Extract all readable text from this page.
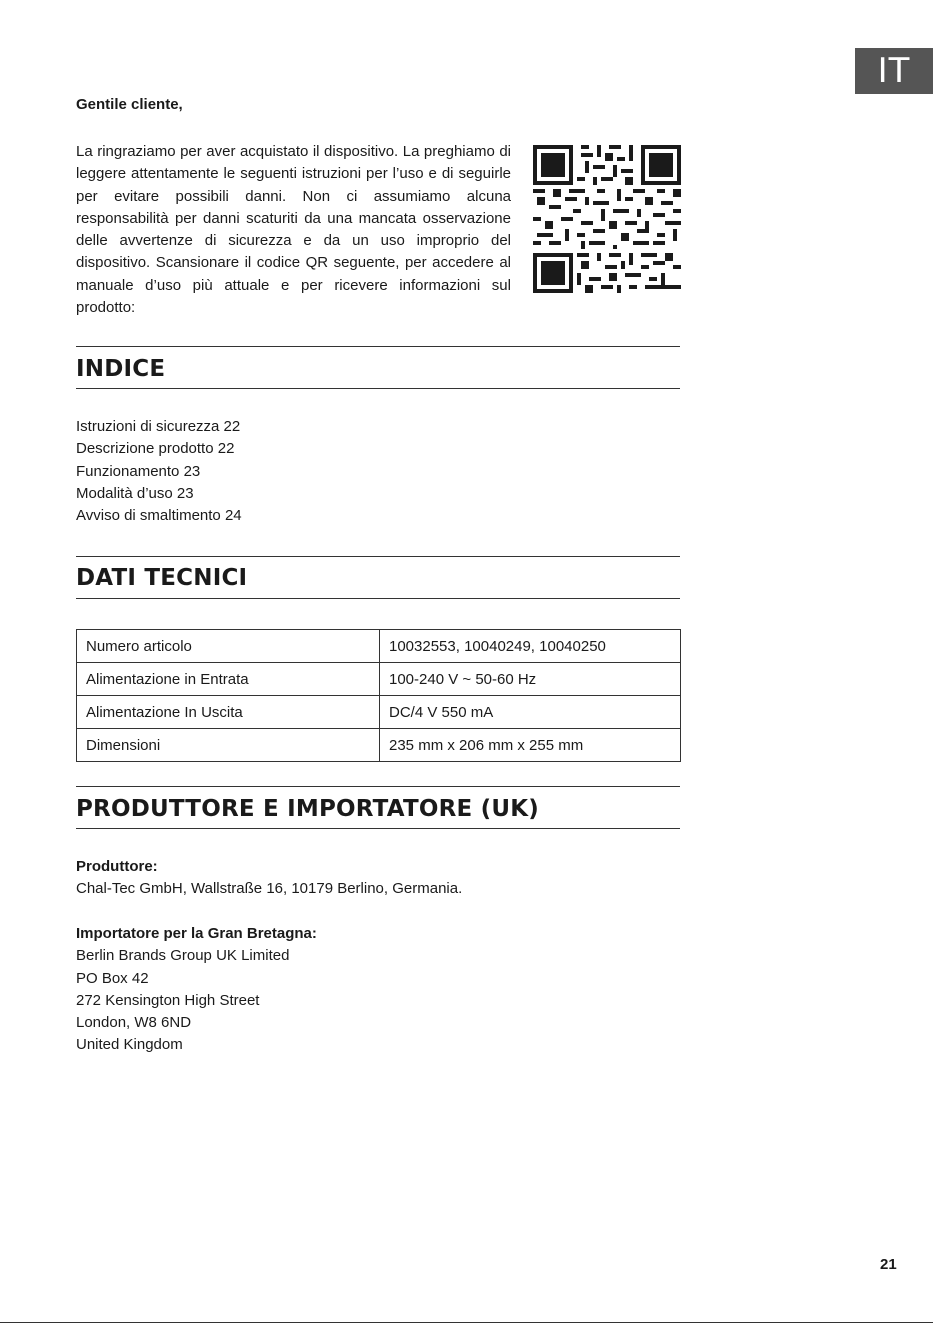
IT
Gentile cliente,

La ringraziamo per aver acquistato il dispositivo. La preghiamo di leggere attentamente le seguenti istruzioni per l’uso e di seguirle per evitare possibili danni. Non ci assumiamo alcuna responsabilità per danni scaturiti da una mancata osservazione delle avvertenze di sicurezza e da un uso improprio del dispositivo. Scansionare il codice QR seguente, per accedere al manuale d’uso più attuale e per ricevere informazioni sul prodotto:

INDICE
Istruzioni di sicurezza 22
Descrizione prodotto 22
Funzionamento 23
Modalità d’uso 23
Avviso di smaltimento 24
DATI TECNICI
Numero articolo	10032553, 10040249, 10040250
Alimentazione in Entrata	100-240 V ~ 50-60 Hz
Alimentazione In Uscita	DC/4 V 550 mA
Dimensioni	235 mm x 206 mm x 255 mm
PRODUTTORE E IMPORTATORE (UK)
Produttore:
Chal-Tec GmbH, Wallstraße 16, 10179 Berlino, Germania.
Importatore per la Gran Bretagna:
Berlin Brands Group UK Limited
PO Box 42
272 Kensington High Street
London, W8 6ND
United Kingdom
21
